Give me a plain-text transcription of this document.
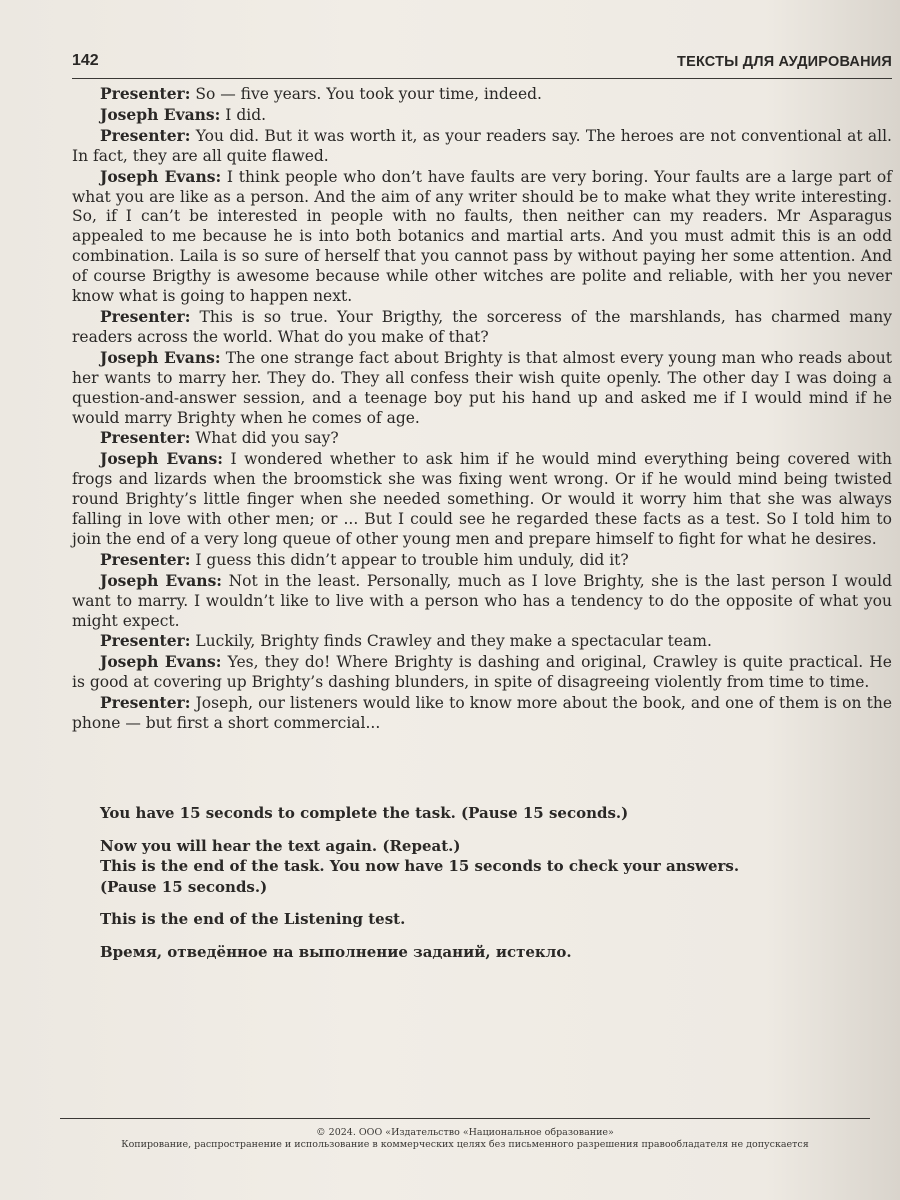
142	ТЕКСТЫ ДЛЯ АУДИРОВАНИЯ

Presenter: So — five years. You took your time, indeed.

Joseph Evans: I did.

Presenter: You did. But it was worth it, as your readers say. The heroes are not conventional at all. In fact, they are all quite flawed.

Joseph Evans: I think people who don’t have faults are very boring. Your faults are a large part of what you are like as a person. And the aim of any writer should be to make what they write interesting. So, if I can’t be interested in people with no faults, then neither can my readers. Mr Asparagus appealed to me because he is into both botanics and martial arts. And you must admit this is an odd combination. Laila is so sure of herself that you cannot pass by without paying her some attention. And of course Brigthy is awesome because while other witches are polite and reliable, with her you never know what is going to happen next.

Presenter: This is so true. Your Brigthy, the sorceress of the marshlands, has charmed many readers across the world. What do you make of that?

Joseph Evans: The one strange fact about Brighty is that almost every young man who reads about her wants to marry her. They do. They all confess their wish quite openly. The other day I was doing a question-and-answer session, and a teenage boy put his hand up and asked me if I would mind if he would marry Brighty when he comes of age.

Presenter: What did you say?

Joseph Evans: I wondered whether to ask him if he would mind everything being covered with frogs and lizards when the broomstick she was fixing went wrong. Or if he would mind being twisted round Brighty’s little finger when she needed something. Or would it worry him that she was always falling in love with other men; or ... But I could see he regarded these facts as a test. So I told him to join the end of a very long queue of other young men and prepare himself to fight for what he desires.

Presenter: I guess this didn’t appear to trouble him unduly, did it?

Joseph Evans: Not in the least. Personally, much as I love Brighty, she is the last person I would want to marry. I wouldn’t like to live with a person who has a tendency to do the opposite of what you might expect.

Presenter: Luckily, Brighty finds Crawley and they make a spectacular team.

Joseph Evans: Yes, they do! Where Brighty is dashing and original, Crawley is quite practical. He is good at covering up Brighty’s dashing blunders, in spite of disagreeing violently from time to time.

Presenter: Joseph, our listeners would like to know more about the book, and one of them is on the phone — but first a short commercial...

You have 15 seconds to complete the task. (Pause 15 seconds.)

Now you will hear the text again. (Repeat.)

This is the end of the task. You now have 15 seconds to check your answers.

(Pause 15 seconds.)

This is the end of the Listening test.

Время, отведённое на выполнение заданий, истекло.

© 2024. ООО «Издательство «Национальное образование»
Копирование, распространение и использование в коммерческих целях без письменного разрешения правообладателя не допускается
